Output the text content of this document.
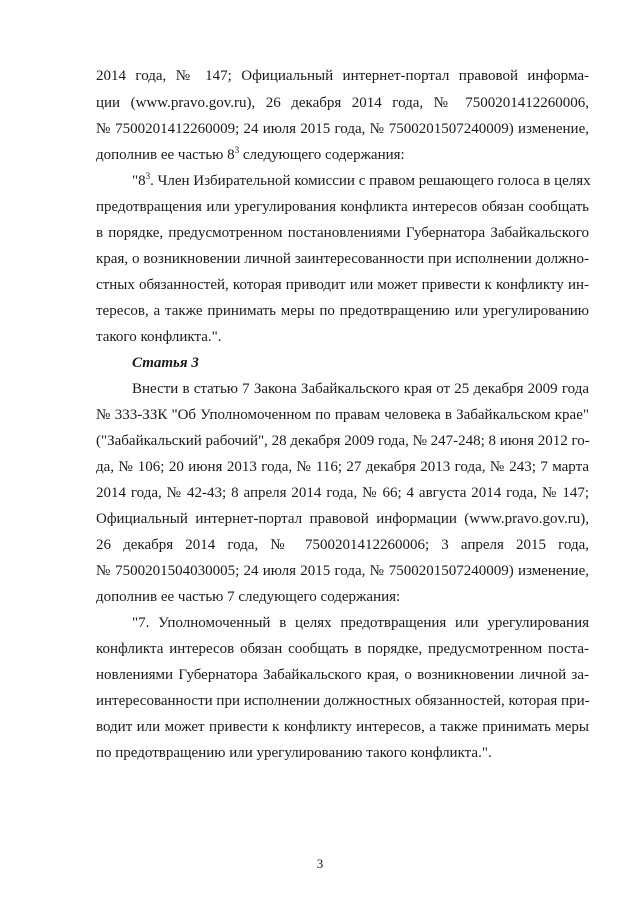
2014 года, № 147; Официальный интернет-портал правовой информа-
ции (www.pravo.gov.ru), 26 декабря 2014 года, № 7500201412260006,
№ 7500201412260009; 24 июля 2015 года, № 7500201507240009) изменение,
дополнив ее частью $8^3$ следующего содержания:
"$8^3$. Член Избирательной комиссии с правом решающего голоса в целях
предотвращения или урегулирования конфликта интересов обязан сообщать
в порядке, предусмотренном постановлениями Губернатора Забайкальского
края, о возникновении личной заинтересованности при исполнении должно-
стных обязанностей, которая приводит или может привести к конфликту ин-
тересов, а также принимать меры по предотвращению или урегулированию
такого конфликта.".
Статья 3
Внести в статью 7 Закона Забайкальского края от 25 декабря 2009 года
№ 333-ЗЗК "Об Уполномоченном по правам человека в Забайкальском крае"
("Забайкальский рабочий", 28 декабря 2009 года, № 247-248; 8 июня 2012 го-
да, № 106; 20 июня 2013 года, № 116; 27 декабря 2013 года, № 243; 7 марта
2014 года, № 42-43; 8 апреля 2014 года, № 66; 4 августа 2014 года, № 147;
Официальный интернет-портал правовой информации (www.pravo.gov.ru),
26 декабря 2014 года, № 7500201412260006; 3 апреля 2015 года,
№ 7500201504030005; 24 июля 2015 года, № 7500201507240009) изменение,
дополнив ее частью 7 следующего содержания:
"7. Уполномоченный в целях предотвращения или урегулирования
конфликта интересов обязан сообщать в порядке, предусмотренном поста-
новлениями Губернатора Забайкальского края, о возникновении личной за-
интересованности при исполнении должностных обязанностей, которая при-
водит или может привести к конфликту интересов, а также принимать меры
по предотвращению или урегулированию такого конфликта.".
3
